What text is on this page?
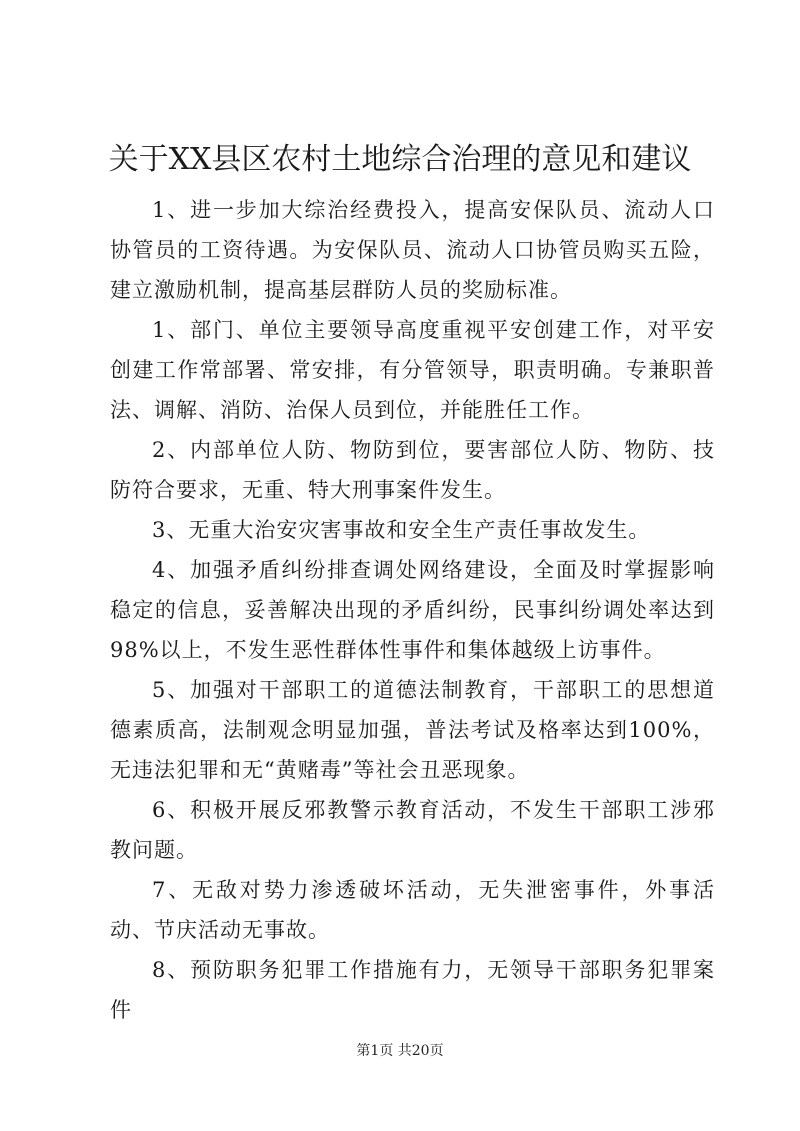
关于XX县区农村土地综合治理的意见和建议

1、进一步加大综治经费投入，提高安保队员、流动人口协管员的工资待遇。为安保队员、流动人口协管员购买五险，建立激励机制，提高基层群防人员的奖励标准。

1、部门、单位主要领导高度重视平安创建工作，对平安创建工作常部署、常安排，有分管领导，职责明确。专兼职普法、调解、消防、治保人员到位，并能胜任工作。

2、内部单位人防、物防到位，要害部位人防、物防、技防符合要求，无重、特大刑事案件发生。

3、无重大治安灾害事故和安全生产责任事故发生。

4、加强矛盾纠纷排查调处网络建设，全面及时掌握影响稳定的信息，妥善解决出现的矛盾纠纷，民事纠纷调处率达到98%以上，不发生恶性群体性事件和集体越级上访事件。

5、加强对干部职工的道德法制教育，干部职工的思想道德素质高，法制观念明显加强，普法考试及格率达到100%，无违法犯罪和无“黄赌毒”等社会丑恶现象。

6、积极开展反邪教警示教育活动，不发生干部职工涉邪教问题。

7、无敌对势力渗透破坏活动，无失泄密事件，外事活动、节庆活动无事故。

8、预防职务犯罪工作措施有力，无领导干部职务犯罪案件

第1页 共20页
